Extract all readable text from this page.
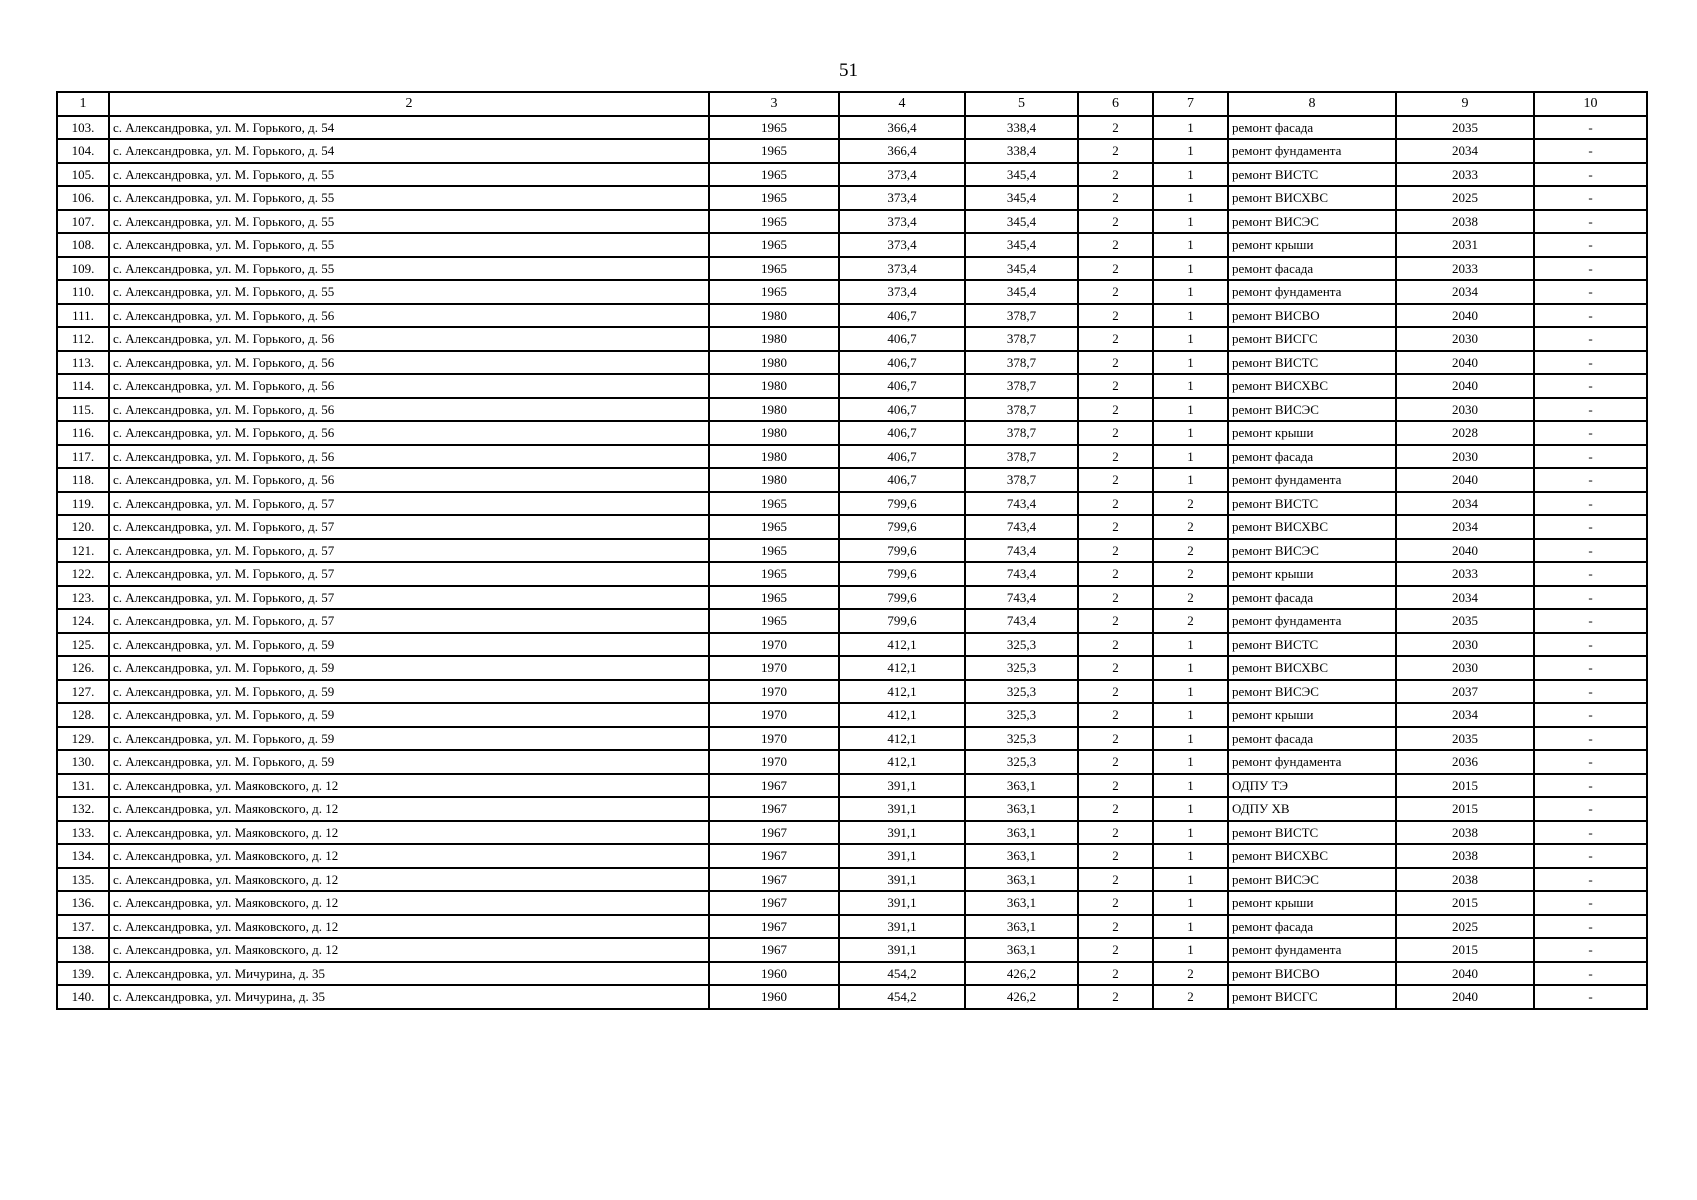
51
1	2	3	4	5	6	7	8	9	10
103.	с. Александровка, ул. М. Горького, д. 54	1965	366,4	338,4	2	1	ремонт фасада	2035	-
104.	с. Александровка, ул. М. Горького, д. 54	1965	366,4	338,4	2	1	ремонт фундамента	2034	-
105.	с. Александровка, ул. М. Горького, д. 55	1965	373,4	345,4	2	1	ремонт ВИСТС	2033	-
106.	с. Александровка, ул. М. Горького, д. 55	1965	373,4	345,4	2	1	ремонт ВИСХВС	2025	-
107.	с. Александровка, ул. М. Горького, д. 55	1965	373,4	345,4	2	1	ремонт ВИСЭС	2038	-
108.	с. Александровка, ул. М. Горького, д. 55	1965	373,4	345,4	2	1	ремонт крыши	2031	-
109.	с. Александровка, ул. М. Горького, д. 55	1965	373,4	345,4	2	1	ремонт фасада	2033	-
110.	с. Александровка, ул. М. Горького, д. 55	1965	373,4	345,4	2	1	ремонт фундамента	2034	-
111.	с. Александровка, ул. М. Горького, д. 56	1980	406,7	378,7	2	1	ремонт ВИСВО	2040	-
112.	с. Александровка, ул. М. Горького, д. 56	1980	406,7	378,7	2	1	ремонт ВИСГС	2030	-
113.	с. Александровка, ул. М. Горького, д. 56	1980	406,7	378,7	2	1	ремонт ВИСТС	2040	-
114.	с. Александровка, ул. М. Горького, д. 56	1980	406,7	378,7	2	1	ремонт ВИСХВС	2040	-
115.	с. Александровка, ул. М. Горького, д. 56	1980	406,7	378,7	2	1	ремонт ВИСЭС	2030	-
116.	с. Александровка, ул. М. Горького, д. 56	1980	406,7	378,7	2	1	ремонт крыши	2028	-
117.	с. Александровка, ул. М. Горького, д. 56	1980	406,7	378,7	2	1	ремонт фасада	2030	-
118.	с. Александровка, ул. М. Горького, д. 56	1980	406,7	378,7	2	1	ремонт фундамента	2040	-
119.	с. Александровка, ул. М. Горького, д. 57	1965	799,6	743,4	2	2	ремонт ВИСТС	2034	-
120.	с. Александровка, ул. М. Горького, д. 57	1965	799,6	743,4	2	2	ремонт ВИСХВС	2034	-
121.	с. Александровка, ул. М. Горького, д. 57	1965	799,6	743,4	2	2	ремонт ВИСЭС	2040	-
122.	с. Александровка, ул. М. Горького, д. 57	1965	799,6	743,4	2	2	ремонт крыши	2033	-
123.	с. Александровка, ул. М. Горького, д. 57	1965	799,6	743,4	2	2	ремонт фасада	2034	-
124.	с. Александровка, ул. М. Горького, д. 57	1965	799,6	743,4	2	2	ремонт фундамента	2035	-
125.	с. Александровка, ул. М. Горького, д. 59	1970	412,1	325,3	2	1	ремонт ВИСТС	2030	-
126.	с. Александровка, ул. М. Горького, д. 59	1970	412,1	325,3	2	1	ремонт ВИСХВС	2030	-
127.	с. Александровка, ул. М. Горького, д. 59	1970	412,1	325,3	2	1	ремонт ВИСЭС	2037	-
128.	с. Александровка, ул. М. Горького, д. 59	1970	412,1	325,3	2	1	ремонт крыши	2034	-
129.	с. Александровка, ул. М. Горького, д. 59	1970	412,1	325,3	2	1	ремонт фасада	2035	-
130.	с. Александровка, ул. М. Горького, д. 59	1970	412,1	325,3	2	1	ремонт фундамента	2036	-
131.	с. Александровка, ул. Маяковского, д. 12	1967	391,1	363,1	2	1	ОДПУ ТЭ	2015	-
132.	с. Александровка, ул. Маяковского, д. 12	1967	391,1	363,1	2	1	ОДПУ ХВ	2015	-
133.	с. Александровка, ул. Маяковского, д. 12	1967	391,1	363,1	2	1	ремонт ВИСТС	2038	-
134.	с. Александровка, ул. Маяковского, д. 12	1967	391,1	363,1	2	1	ремонт ВИСХВС	2038	-
135.	с. Александровка, ул. Маяковского, д. 12	1967	391,1	363,1	2	1	ремонт ВИСЭС	2038	-
136.	с. Александровка, ул. Маяковского, д. 12	1967	391,1	363,1	2	1	ремонт крыши	2015	-
137.	с. Александровка, ул. Маяковского, д. 12	1967	391,1	363,1	2	1	ремонт фасада	2025	-
138.	с. Александровка, ул. Маяковского, д. 12	1967	391,1	363,1	2	1	ремонт фундамента	2015	-
139.	с. Александровка, ул. Мичурина, д. 35	1960	454,2	426,2	2	2	ремонт ВИСВО	2040	-
140.	с. Александровка, ул. Мичурина, д. 35	1960	454,2	426,2	2	2	ремонт ВИСГС	2040	-
